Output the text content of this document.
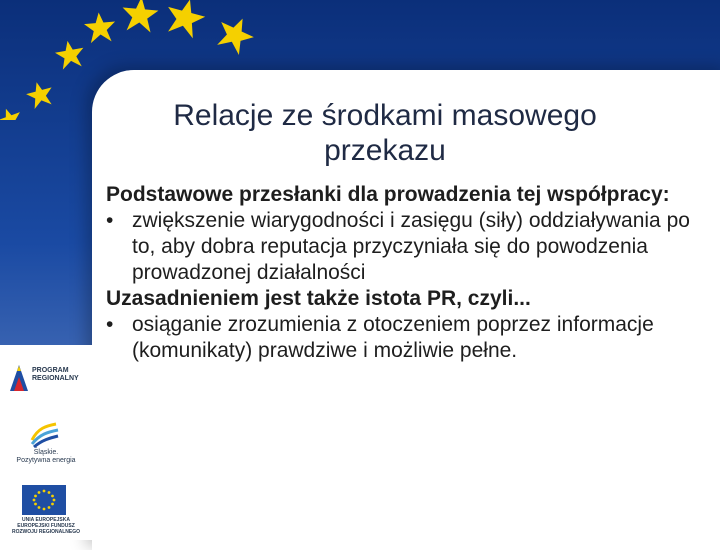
Relacje ze środkami masowego przekazu

Podstawowe przesłanki dla prowadzenia tej współpracy:

• zwiększenie wiarygodności i zasięgu (siły) oddziaływania po to, aby dobra reputacja przyczyniała się do powodzenia prowadzonej działalności

Uzasadnieniem jest także istota PR, czyli...

• osiąganie zrozumienia z otoczeniem poprzez informacje (komunikaty) prawdziwe i możliwie pełne.

PROGRAM
REGIONALNY
Śląskie.
Pozytywna energia
UNIA EUROPEJSKA
EUROPEJSKI FUNDUSZ
ROZWOJU REGIONALNEGO
